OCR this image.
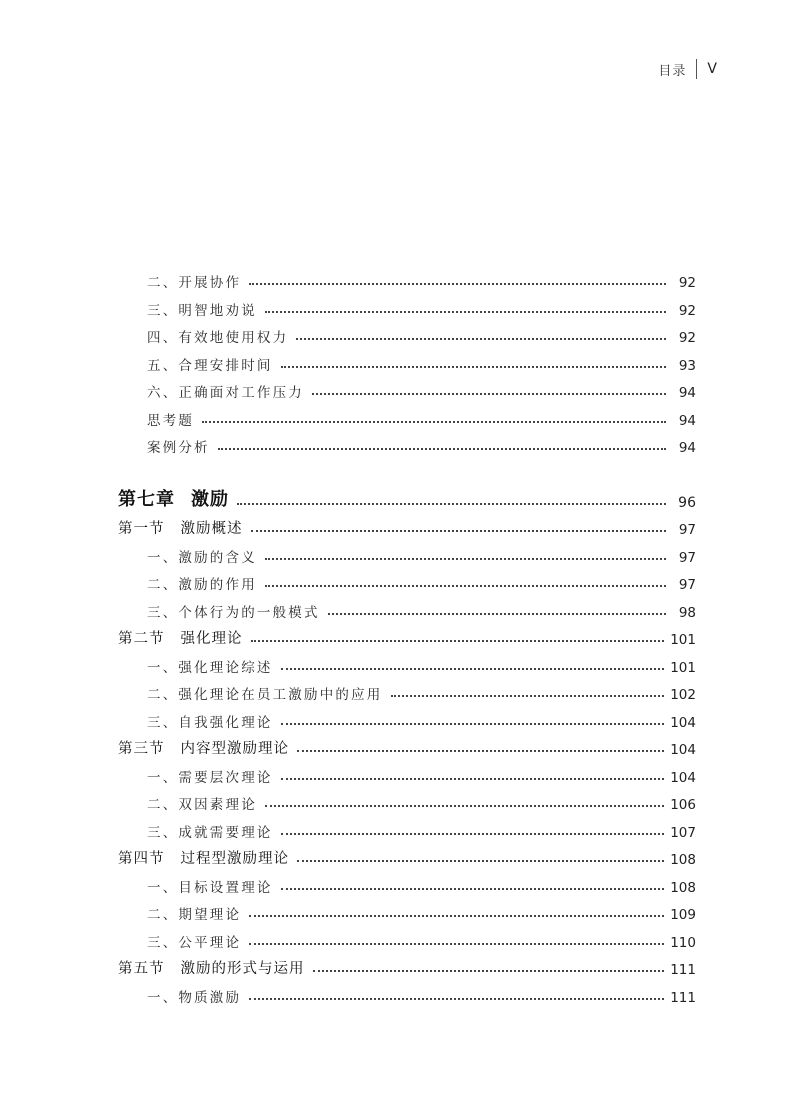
目录 V
二、开展协作	92
三、明智地劝说	92
四、有效地使用权力	92
五、合理安排时间	93
六、正确面对工作压力	94
思考题	94
案例分析	94
第七章 激励	96
第一节 激励概述	97
一、激励的含义	97
二、激励的作用	97
三、个体行为的一般模式	98
第二节 强化理论	101
一、强化理论综述	101
二、强化理论在员工激励中的应用	102
三、自我强化理论	104
第三节 内容型激励理论	104
一、需要层次理论	104
二、双因素理论	106
三、成就需要理论	107
第四节 过程型激励理论	108
一、目标设置理论	108
二、期望理论	109
三、公平理论	110
第五节 激励的形式与运用	111
一、物质激励	111
